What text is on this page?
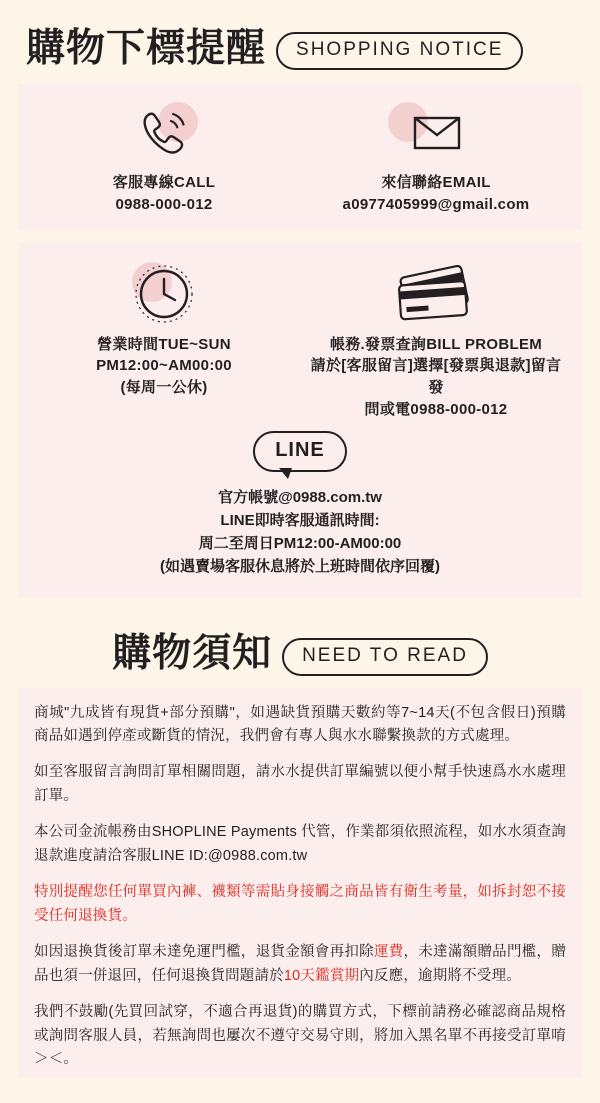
購物下標提醒	SHOPPING NOTICE
客服專線CALL
0988-000-012
來信聯絡EMAIL
a0977405999@gmail.com
營業時間TUE~SUN
PM12:00~AM00:00
(每周一公休)
帳務.發票查詢BILL PROBLEM
請於[客服留言]選擇[發票與退款]留言發
問或電0988-000-012
LINE
官方帳號@0988.com.tw
LINE即時客服通訊時間:
周二至周日PM12:00-AM00:00
(如遇賣場客服休息將於上班時間依序回覆)
購物須知	NEED TO READ
商城"九成皆有現貨+部分預購"，如遇缺貨預購天數約等7~14天(不包含假日)預購商品如遇到停產或斷貨的情況，我們會有專人與水水聯繫換款的方式處理。
如至客服留言詢問訂單相關問題，請水水提供訂單編號以便小幫手快速爲水水處理訂單。
本公司金流帳務由SHOPLINE Payments 代管，作業都須依照流程，如水水須查詢退款進度請洽客服LINE ID:@0988.com.tw
特別提醒您任何單買內褲、襪類等需貼身接觸之商品皆有衛生考量，如拆封恕不接受任何退換貨。
如因退換貨後訂單未達免運門檻，退貨金額會再扣除運費，未達滿額贈品門檻，贈品也須一併退回，任何退換貨問題請於10天鑑賞期內反應，逾期將不受理。
我們不鼓勵(先買回試穿，不適合再退貨)的購買方式，下標前請務必確認商品規格或詢問客服人員，若無詢問也屢次不遵守交易守則，將加入黑名單不再接受訂單唷＞＜。
